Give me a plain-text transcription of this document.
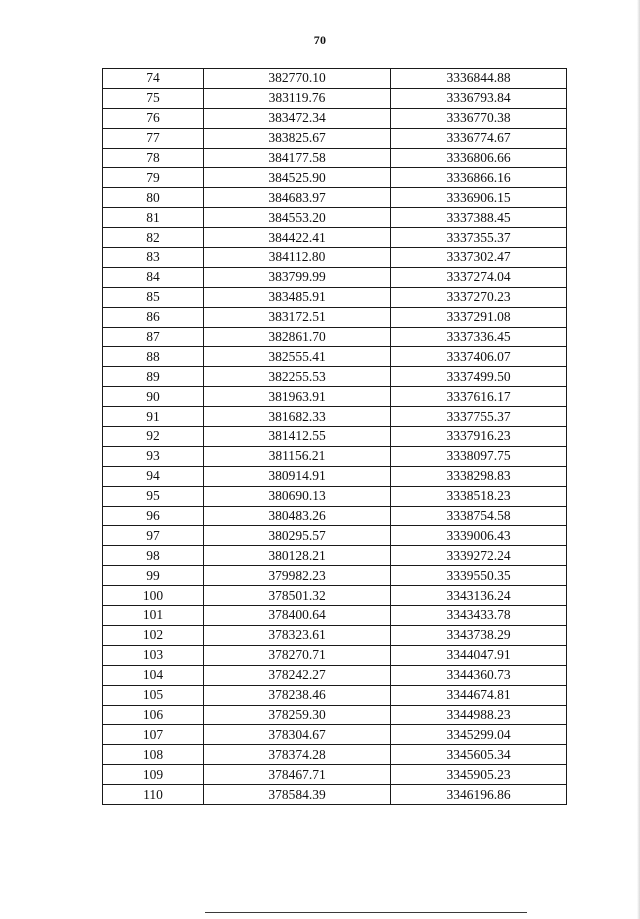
70
74	382770.10	3336844.88
75	383119.76	3336793.84
76	383472.34	3336770.38
77	383825.67	3336774.67
78	384177.58	3336806.66
79	384525.90	3336866.16
80	384683.97	3336906.15
81	384553.20	3337388.45
82	384422.41	3337355.37
83	384112.80	3337302.47
84	383799.99	3337274.04
85	383485.91	3337270.23
86	383172.51	3337291.08
87	382861.70	3337336.45
88	382555.41	3337406.07
89	382255.53	3337499.50
90	381963.91	3337616.17
91	381682.33	3337755.37
92	381412.55	3337916.23
93	381156.21	3338097.75
94	380914.91	3338298.83
95	380690.13	3338518.23
96	380483.26	3338754.58
97	380295.57	3339006.43
98	380128.21	3339272.24
99	379982.23	3339550.35
100	378501.32	3343136.24
101	378400.64	3343433.78
102	378323.61	3343738.29
103	378270.71	3344047.91
104	378242.27	3344360.73
105	378238.46	3344674.81
106	378259.30	3344988.23
107	378304.67	3345299.04
108	378374.28	3345605.34
109	378467.71	3345905.23
110	378584.39	3346196.86
